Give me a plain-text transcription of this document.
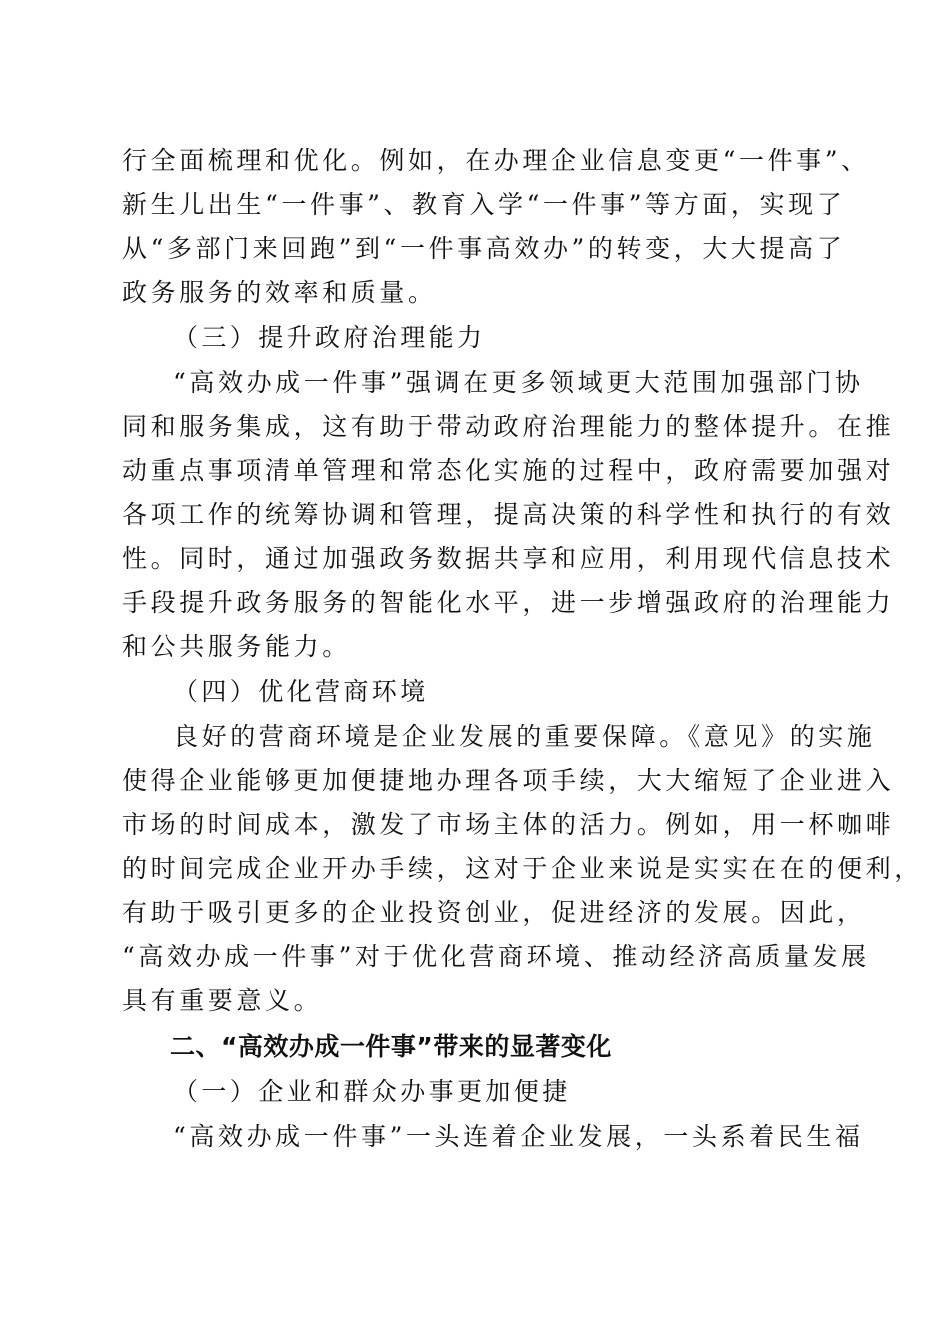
行全面梳理和优化。例如，在办理企业信息变更“一件事”、
新生儿出生“一件事”、教育入学“一件事”等方面，实现了
从“多部门来回跑”到“一件事高效办”的转变，大大提高了
政务服务的效率和质量。
（三）提升政府治理能力
“高效办成一件事”强调在更多领域更大范围加强部门协
同和服务集成，这有助于带动政府治理能力的整体提升。在推
动重点事项清单管理和常态化实施的过程中，政府需要加强对
各项工作的统筹协调和管理，提高决策的科学性和执行的有效
性。同时，通过加强政务数据共享和应用，利用现代信息技术
手段提升政务服务的智能化水平，进一步增强政府的治理能力
和公共服务能力。
（四）优化营商环境
良好的营商环境是企业发展的重要保障。《意见》的实施
使得企业能够更加便捷地办理各项手续，大大缩短了企业进入
市场的时间成本，激发了市场主体的活力。例如，用一杯咖啡
的时间完成企业开办手续，这对于企业来说是实实在在的便利，
有助于吸引更多的企业投资创业，促进经济的发展。因此，
“高效办成一件事”对于优化营商环境、推动经济高质量发展
具有重要意义。
二、“高效办成一件事”带来的显著变化
（一）企业和群众办事更加便捷
“高效办成一件事”一头连着企业发展，一头系着民生福
